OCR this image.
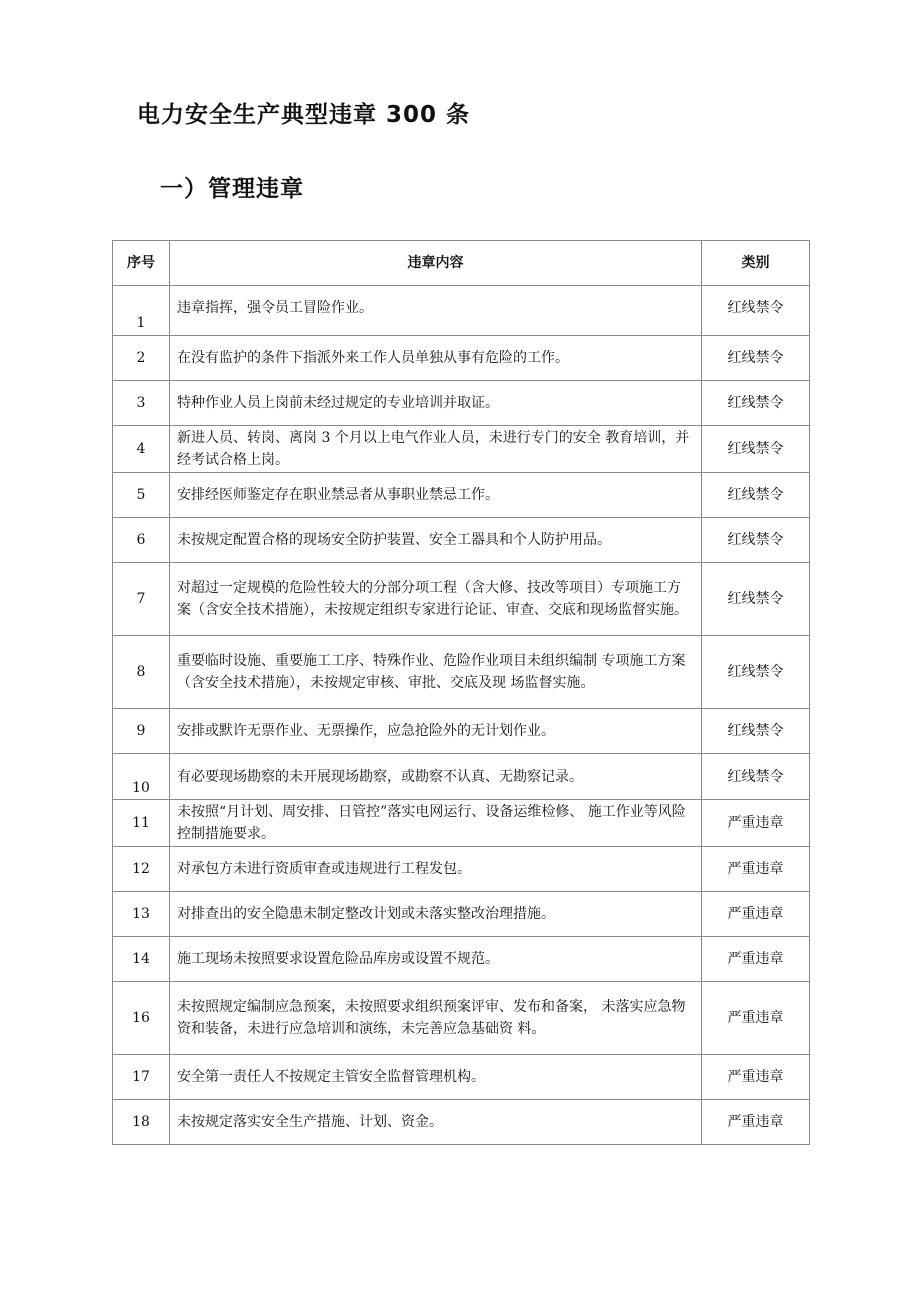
电力安全生产典型违章 300 条
一）管理违章
序号	违章内容	类别
1	违章指挥，强令员工冒险作业。	红线禁令
2	在没有监护的条件下指派外来工作人员单独从事有危险的工作。	红线禁令
3	特种作业人员上岗前未经过规定的专业培训并取证。	红线禁令
4	新进人员、转岗、离岗 3 个月以上电气作业人员，未进行专门的安全 教育培训，并经考试合格上岗。	红线禁令
5	安排经医师鉴定存在职业禁忌者从事职业禁忌工作。	红线禁令
6	未按规定配置合格的现场安全防护装置、安全工器具和个人防护用品。	红线禁令
7	对超过一定规模的危险性较大的分部分项工程（含大修、技改等项目）专项施工方案（含安全技术措施），未按规定组织专家进行论证、审查、交底和现场监督实施。	红线禁令
8	重要临时设施、重要施工工序、特殊作业、危险作业项目未组织编制 专项施工方案（含安全技术措施），未按规定审核、审批、交底及现 场监督实施。	红线禁令
9	安排或默许无票作业、无票操作，应急抢险外的无计划作业。	红线禁令
10	有必要现场勘察的未开展现场勘察，或勘察不认真、无勘察记录。	红线禁令
11	未按照“月计划、周安排、日管控”落实电网运行、设备运维检修、 施工作业等风险控制措施要求。	严重违章
12	对承包方未进行资质审查或违规进行工程发包。	严重违章
13	对排查出的安全隐患未制定整改计划或未落实整改治理措施。	严重违章
14	施工现场未按照要求设置危险品库房或设置不规范。	严重违章
16	未按照规定编制应急预案，未按照要求组织预案评审、发布和备案， 未落实应急物资和装备，未进行应急培训和演练，未完善应急基础资 料。	严重违章
17	安全第一责任人不按规定主管安全监督管理机构。	严重违章
18	未按规定落实安全生产措施、计划、资金。	严重违章
